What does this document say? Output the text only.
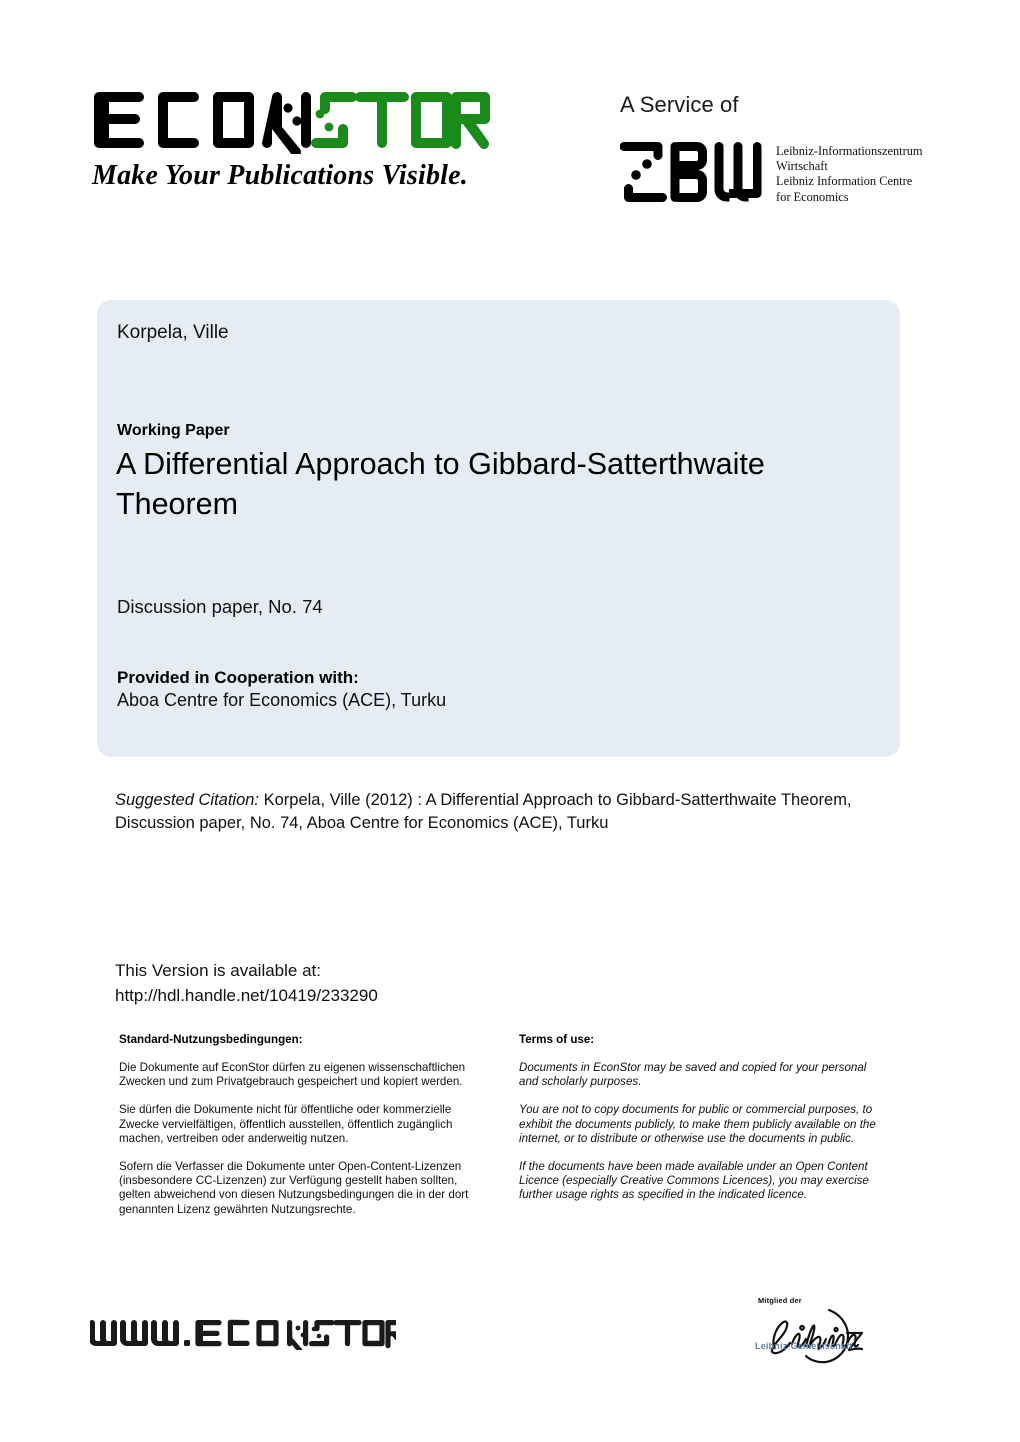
Make Your Publications Visible.
A Service of
Leibniz-Informationszentrum
Wirtschaft
Leibniz Information Centre
for Economics
Korpela, Ville
Working Paper
A Differential Approach to Gibbard-Satterthwaite Theorem
Discussion paper, No. 74
Provided in Cooperation with:
Aboa Centre for Economics (ACE), Turku
Suggested Citation: Korpela, Ville (2012) : A Differential Approach to Gibbard-Satterthwaite Theorem, Discussion paper, No. 74, Aboa Centre for Economics (ACE), Turku
This Version is available at:
http://hdl.handle.net/10419/233290

Standard-Nutzungsbedingungen:

Die Dokumente auf EconStor dürfen zu eigenen wissenschaftlichen Zwecken und zum Privatgebrauch gespeichert und kopiert werden.

Sie dürfen die Dokumente nicht für öffentliche oder kommerzielle Zwecke vervielfältigen, öffentlich ausstellen, öffentlich zugänglich machen, vertreiben oder anderweitig nutzen.

Sofern die Verfasser die Dokumente unter Open-Content-Lizenzen (insbesondere CC-Lizenzen) zur Verfügung gestellt haben sollten, gelten abweichend von diesen Nutzungsbedingungen die in der dort genannten Lizenz gewährten Nutzungsrechte.

Terms of use:

Documents in EconStor may be saved and copied for your personal and scholarly purposes.

You are not to copy documents for public or commercial purposes, to exhibit the documents publicly, to make them publicly available on the internet, or to distribute or otherwise use the documents in public.

If the documents have been made available under an Open Content Licence (especially Creative Commons Licences), you may exercise further usage rights as specified in the indicated licence.

Mitglied der
Leibniz-Gemeinschaft
